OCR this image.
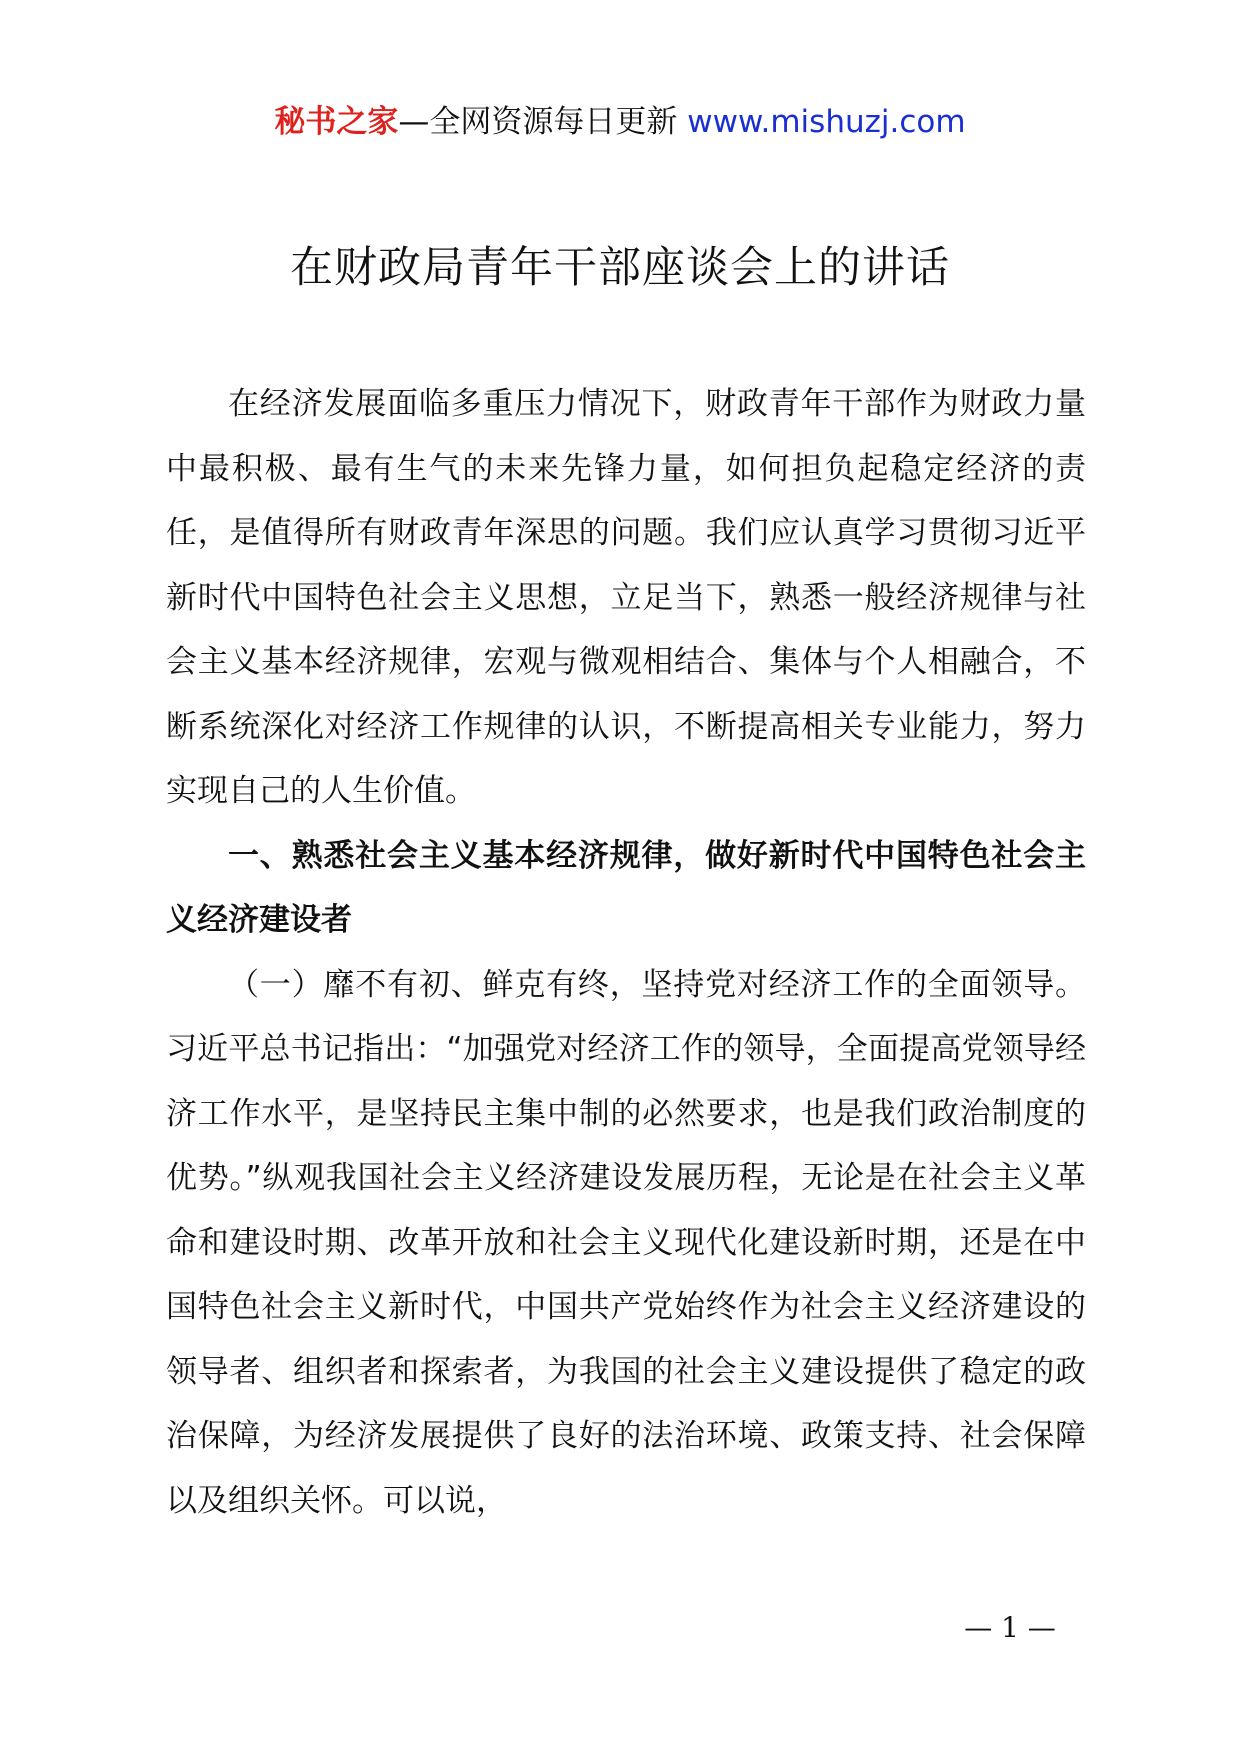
秘书之家—全网资源每日更新 www.mishuzj.com
在财政局青年干部座谈会上的讲话

在经济发展面临多重压力情况下，财政青年干部作为财政力量中最积极、最有生气的未来先锋力量，如何担负起稳定经济的责任，是值得所有财政青年深思的问题。我们应认真学习贯彻习近平新时代中国特色社会主义思想，立足当下，熟悉一般经济规律与社会主义基本经济规律，宏观与微观相结合、集体与个人相融合，不断系统深化对经济工作规律的认识，不断提高相关专业能力，努力实现自己的人生价值。

一、熟悉社会主义基本经济规律，做好新时代中国特色社会主义经济建设者

（一）靡不有初、鲜克有终，坚持党对经济工作的全面领导。习近平总书记指出：“加强党对经济工作的领导，全面提高党领导经济工作水平，是坚持民主集中制的必然要求，也是我们政治制度的优势。”纵观我国社会主义经济建设发展历程，无论是在社会主义革命和建设时期、改革开放和社会主义现代化建设新时期，还是在中国特色社会主义新时代，中国共产党始终作为社会主义经济建设的领导者、组织者和探索者，为我国的社会主义建设提供了稳定的政治保障，为经济发展提供了良好的法治环境、政策支持、社会保障以及组织关怀。可以说，

— 1 —
